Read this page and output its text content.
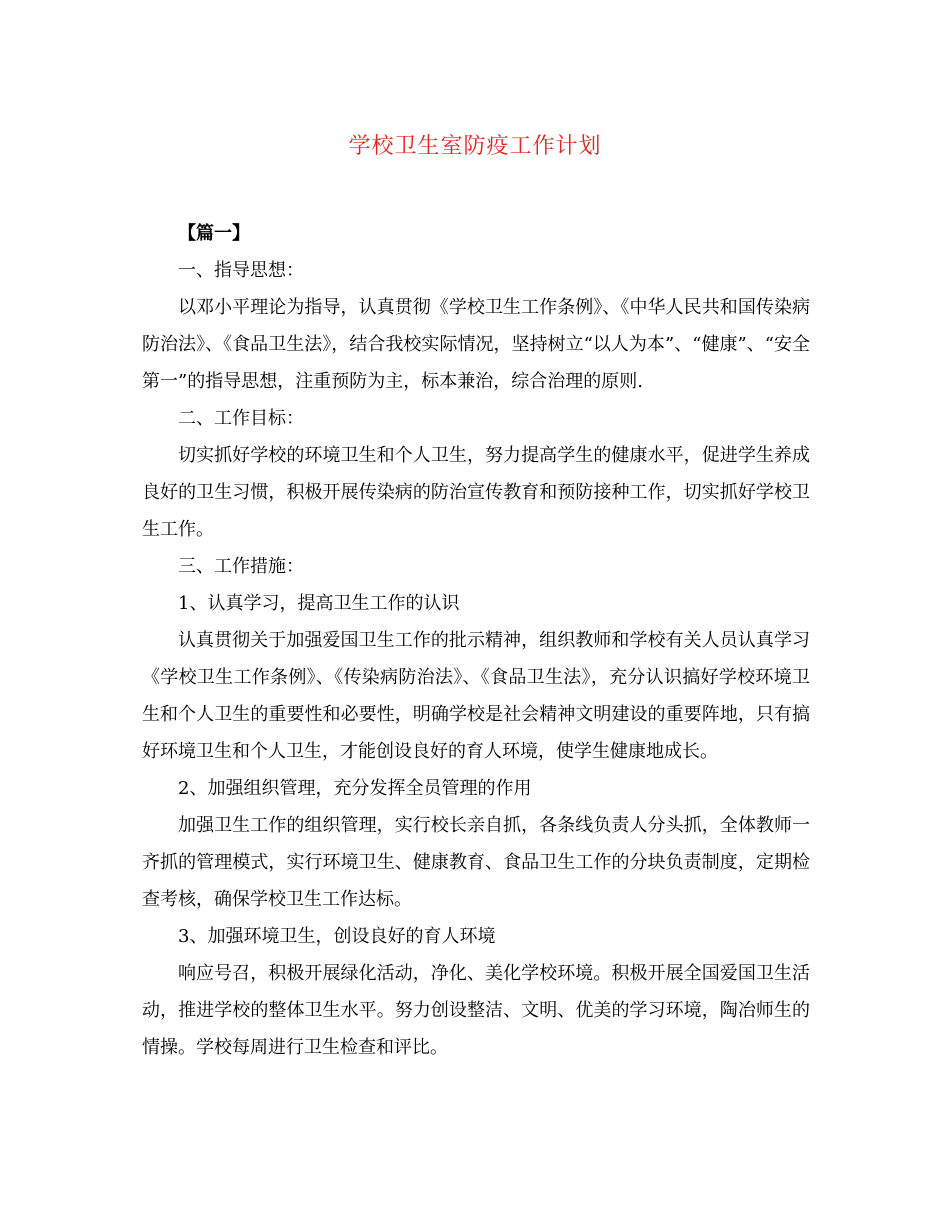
学校卫生室防疫工作计划

【篇一】

一、指导思想：

以邓小平理论为指导，认真贯彻《学校卫生工作条例》、《中华人民共和国传染病防治法》、《食品卫生法》，结合我校实际情况，坚持树立“以人为本”、“健康”、“安全第一”的指导思想，注重预防为主，标本兼治，综合治理的原则.

二、工作目标：

切实抓好学校的环境卫生和个人卫生，努力提高学生的健康水平，促进学生养成良好的卫生习惯，积极开展传染病的防治宣传教育和预防接种工作，切实抓好学校卫生工作。

三、工作措施：

1、认真学习，提高卫生工作的认识

认真贯彻关于加强爱国卫生工作的批示精神，组织教师和学校有关人员认真学习《学校卫生工作条例》、《传染病防治法》、《食品卫生法》，充分认识搞好学校环境卫生和个人卫生的重要性和必要性，明确学校是社会精神文明建设的重要阵地，只有搞好环境卫生和个人卫生，才能创设良好的育人环境，使学生健康地成长。

2、加强组织管理，充分发挥全员管理的作用

加强卫生工作的组织管理，实行校长亲自抓，各条线负责人分头抓，全体教师一齐抓的管理模式，实行环境卫生、健康教育、食品卫生工作的分块负责制度，定期检查考核，确保学校卫生工作达标。

3、加强环境卫生，创设良好的育人环境

响应号召，积极开展绿化活动，净化、美化学校环境。积极开展全国爱国卫生活动，推进学校的整体卫生水平。努力创设整洁、文明、优美的学习环境，陶冶师生的情操。学校每周进行卫生检查和评比。
